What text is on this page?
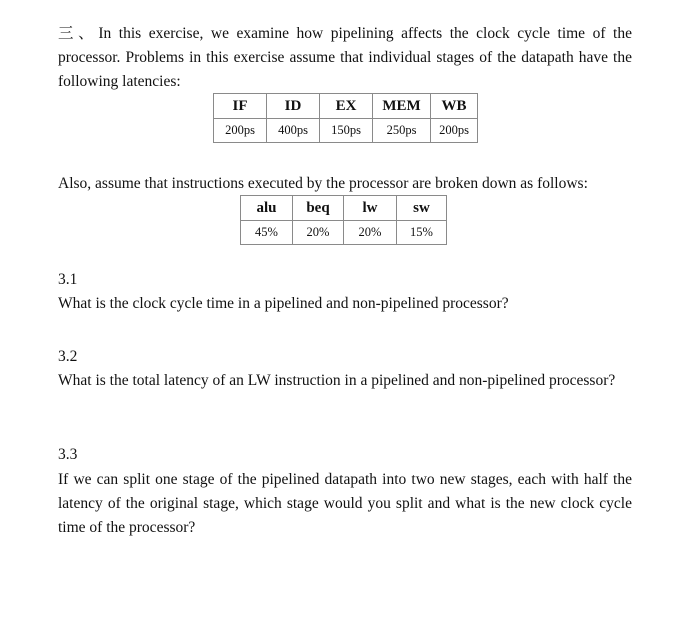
三、In this exercise, we examine how pipelining affects the clock cycle time of the processor. Problems in this exercise assume that individual stages of the datapath have the following latencies:

IF	ID	EX	MEM	WB
200ps	400ps	150ps	250ps	200ps

Also, assume that instructions executed by the processor are broken down as follows:

alu	beq	lw	sw
45%	20%	20%	15%

3.1

What is the clock cycle time in a pipelined and non-pipelined processor?

3.2

What is the total latency of an LW instruction in a pipelined and non-pipelined processor?

3.3

If we can split one stage of the pipelined datapath into two new stages, each with half the latency of the original stage, which stage would you split and what is the new clock cycle time of the processor?
